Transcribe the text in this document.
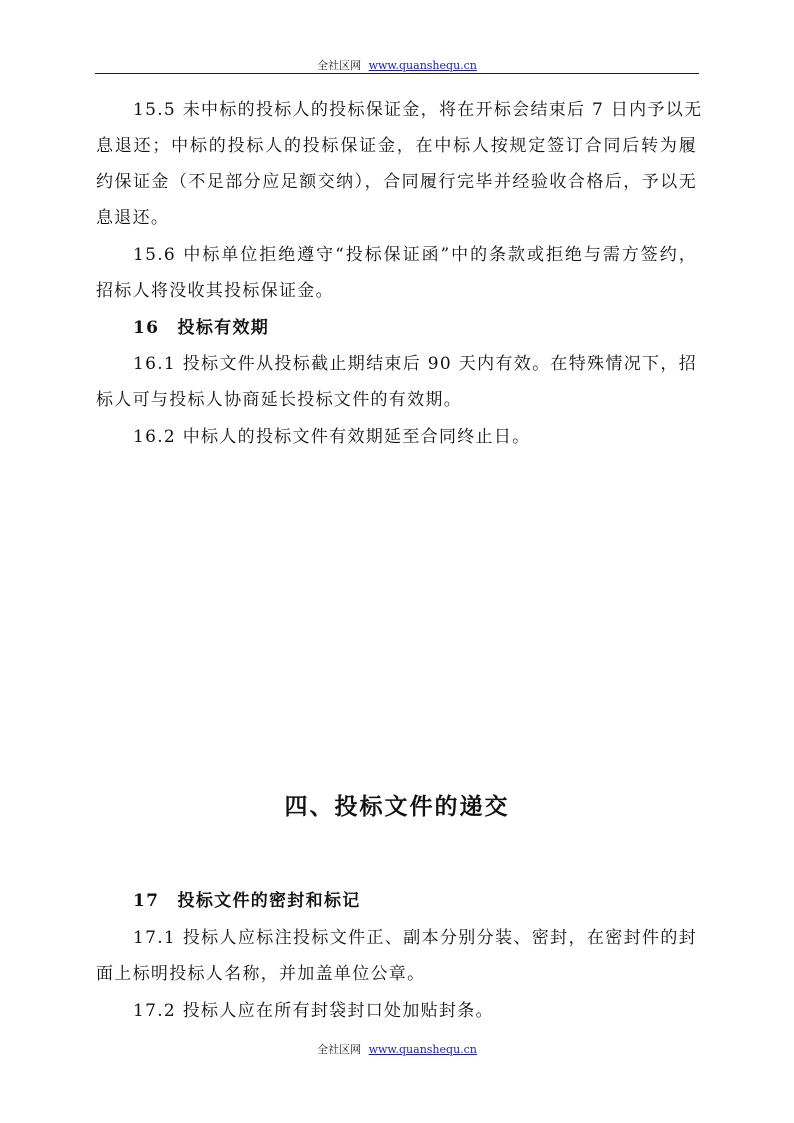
全社区网 www.quanshequ.cn
15.5 未中标的投标人的投标保证金，将在开标会结束后 7 日内予以无
息退还；中标的投标人的投标保证金，在中标人按规定签订合同后转为履
约保证金（不足部分应足额交纳），合同履行完毕并经验收合格后，予以无
息退还。
15.6 中标单位拒绝遵守“投标保证函”中的条款或拒绝与需方签约，
招标人将没收其投标保证金。
16　投标有效期
16.1 投标文件从投标截止期结束后 90 天内有效。在特殊情况下，招
标人可与投标人协商延长投标文件的有效期。
16.2 中标人的投标文件有效期延至合同终止日。
四、投标文件的递交
17　投标文件的密封和标记
17.1 投标人应标注投标文件正、副本分别分装、密封，在密封件的封
面上标明投标人名称，并加盖单位公章。
17.2 投标人应在所有封袋封口处加贴封条。
全社区网 www.quanshequ.cn
